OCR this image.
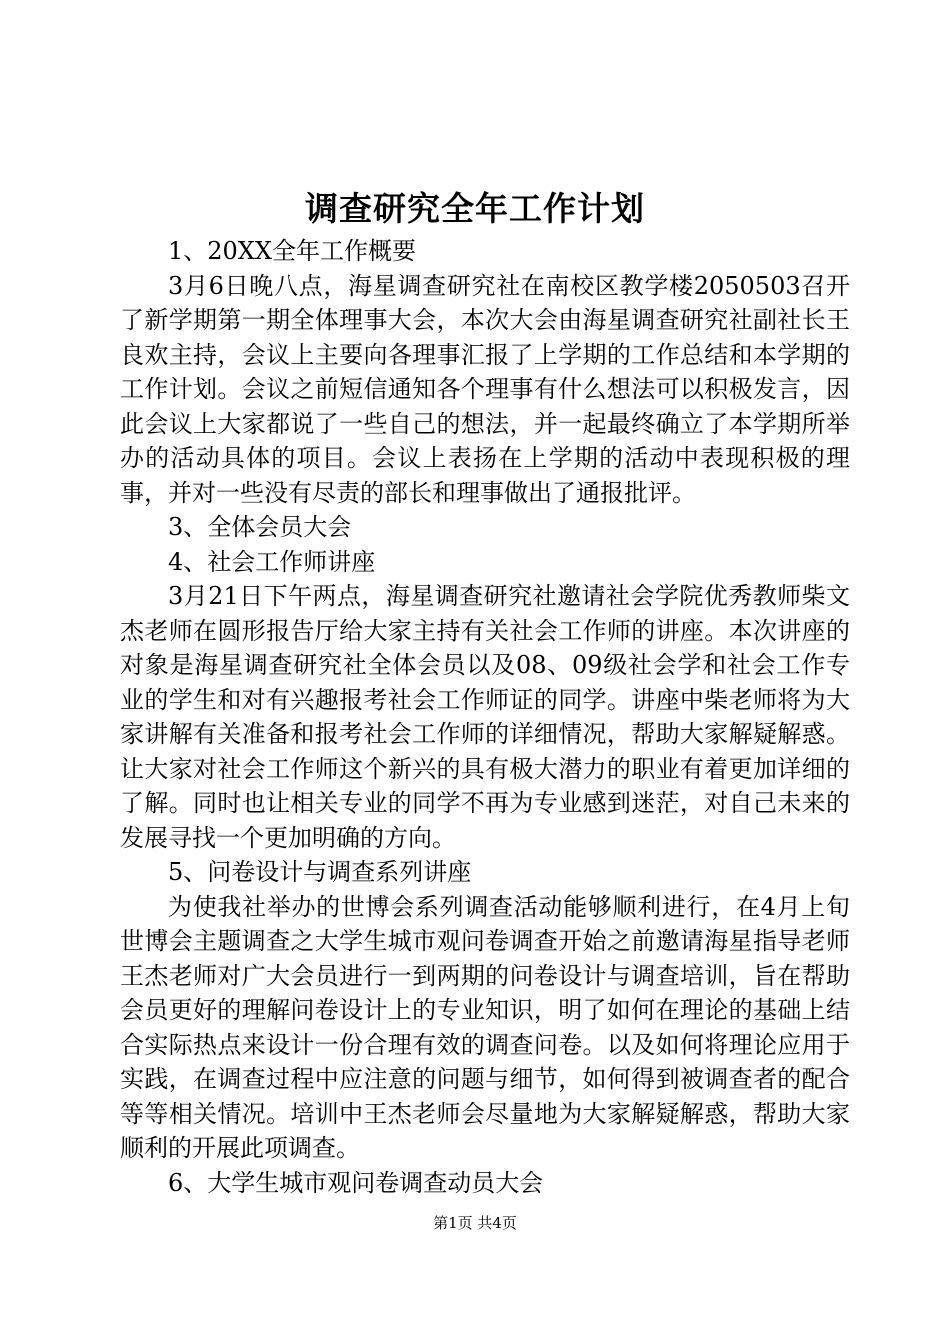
调查研究全年工作计划

1、20XX全年工作概要

3月6日晚八点，海星调查研究社在南校区教学楼2050503召开了新学期第一期全体理事大会，本次大会由海星调查研究社副社长王良欢主持，会议上主要向各理事汇报了上学期的工作总结和本学期的工作计划。会议之前短信通知各个理事有什么想法可以积极发言，因此会议上大家都说了一些自己的想法，并一起最终确立了本学期所举办的活动具体的项目。会议上表扬在上学期的活动中表现积极的理事，并对一些没有尽责的部长和理事做出了通报批评。

3、全体会员大会

4、社会工作师讲座

3月21日下午两点，海星调查研究社邀请社会学院优秀教师柴文杰老师在圆形报告厅给大家主持有关社会工作师的讲座。本次讲座的对象是海星调查研究社全体会员以及08、09级社会学和社会工作专业的学生和对有兴趣报考社会工作师证的同学。讲座中柴老师将为大家讲解有关准备和报考社会工作师的详细情况，帮助大家解疑解惑。让大家对社会工作师这个新兴的具有极大潜力的职业有着更加详细的了解。同时也让相关专业的同学不再为专业感到迷茫，对自己未来的发展寻找一个更加明确的方向。

5、问卷设计与调查系列讲座

为使我社举办的世博会系列调查活动能够顺利进行，在4月上旬世博会主题调查之大学生城市观问卷调查开始之前邀请海星指导老师王杰老师对广大会员进行一到两期的问卷设计与调查培训，旨在帮助会员更好的理解问卷设计上的专业知识，明了如何在理论的基础上结合实际热点来设计一份合理有效的调查问卷。以及如何将理论应用于实践，在调查过程中应注意的问题与细节，如何得到被调查者的配合等等相关情况。培训中王杰老师会尽量地为大家解疑解惑，帮助大家顺利的开展此项调查。

6、大学生城市观问卷调查动员大会

第1页 共4页
